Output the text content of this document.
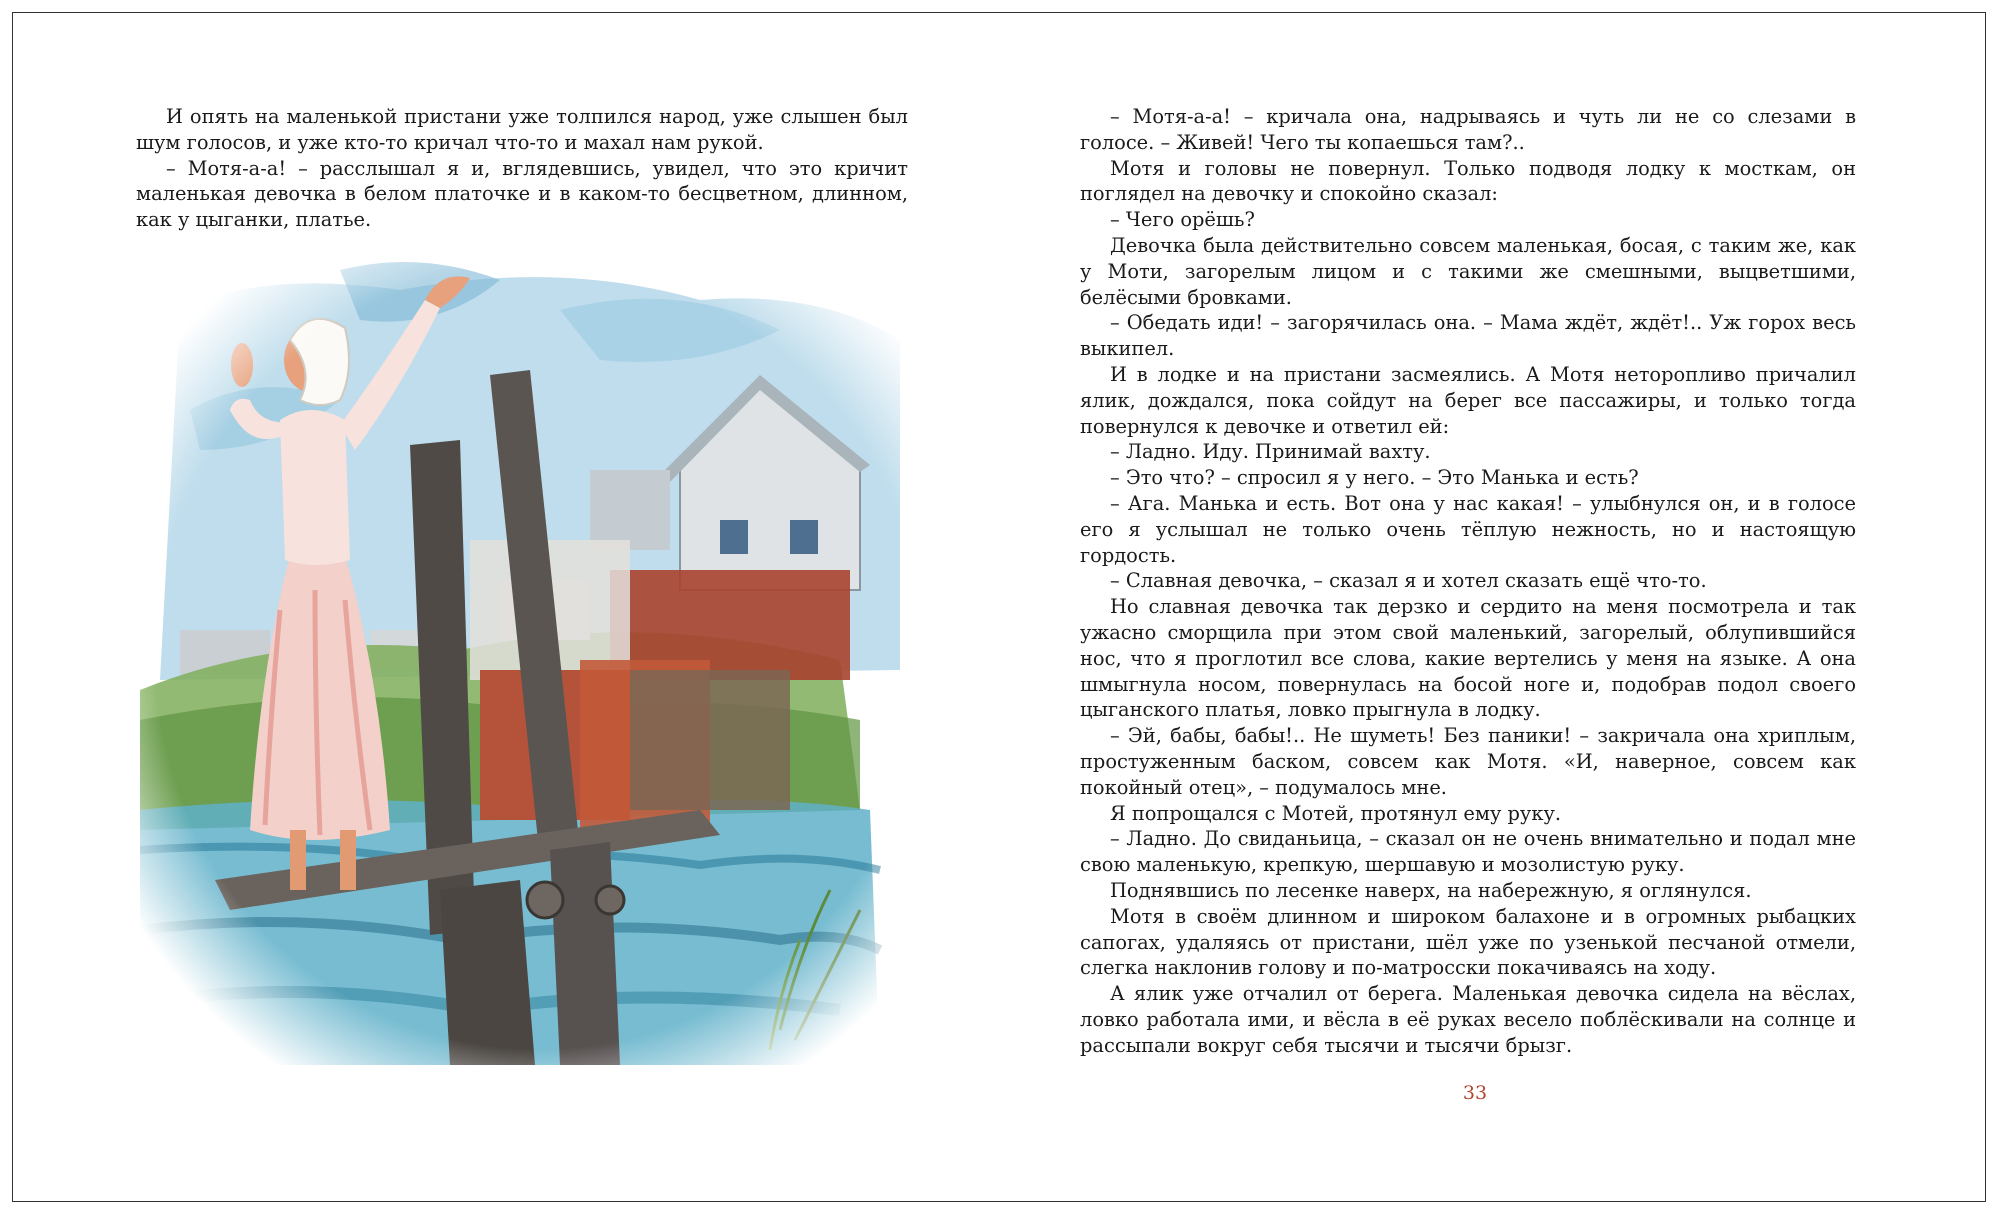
И опять на маленькой пристани уже толпился народ, уже слышен был шум голосов, и уже кто-то кричал что-то и махал нам рукой.

– Мотя-а-а! – расслышал я и, вглядевшись, увидел, что это кричит маленькая девочка в белом платочке и в каком-то бесцветном, длинном, как у цыганки, платье.

– Мотя-а-а! – кричала она, надрываясь и чуть ли не со слезами в голосе. – Живей! Чего ты копаешься там?..

Мотя и головы не повернул. Только подводя лодку к мосткам, он поглядел на девочку и спокойно сказал:

– Чего орёшь?

Девочка была действительно совсем маленькая, босая, с таким же, как у Моти, загорелым лицом и с такими же смешными, выцветшими, белёсыми бровками.

– Обедать иди! – загорячилась она. – Мама ждёт, ждёт!.. Уж горох весь выкипел.

И в лодке и на пристани засмеялись. А Мотя неторопливо причалил ялик, дождался, пока сойдут на берег все пассажиры, и только тогда повернулся к девочке и ответил ей:

– Ладно. Иду. Принимай вахту.

– Это что? – спросил я у него. – Это Манька и есть?

– Ага. Манька и есть. Вот она у нас какая! – улыбнулся он, и в голосе его я услышал не только очень тёплую нежность, но и настоящую гордость.

– Славная девочка, – сказал я и хотел сказать ещё что-то.

Но славная девочка так дерзко и сердито на меня посмотрела и так ужасно сморщила при этом свой маленький, загорелый, облупившийся нос, что я проглотил все слова, какие вертелись у меня на языке. А она шмыгнула носом, повернулась на босой ноге и, подобрав подол своего цыганского платья, ловко прыгнула в лодку.

– Эй, бабы, бабы!.. Не шуметь! Без паники! – закричала она хриплым, простуженным баском, совсем как Мотя. «И, наверное, совсем как покойный отец», – подумалось мне.

Я попрощался с Мотей, протянул ему руку.

– Ладно. До свиданьица, – сказал он не очень внимательно и подал мне свою маленькую, крепкую, шершавую и мозолистую руку.

Поднявшись по лесенке наверх, на набережную, я оглянулся.

Мотя в своём длинном и широком балахоне и в огромных рыбацких сапогах, удаляясь от пристани, шёл уже по узенькой песчаной отмели, слегка наклонив голову и по-матросски покачиваясь на ходу.

А ялик уже отчалил от берега. Маленькая девочка сидела на вёслах, ловко работала ими, и вёсла в её руках весело поблёскивали на солнце и рассыпали вокруг себя тысячи и тысячи брызг.

33
